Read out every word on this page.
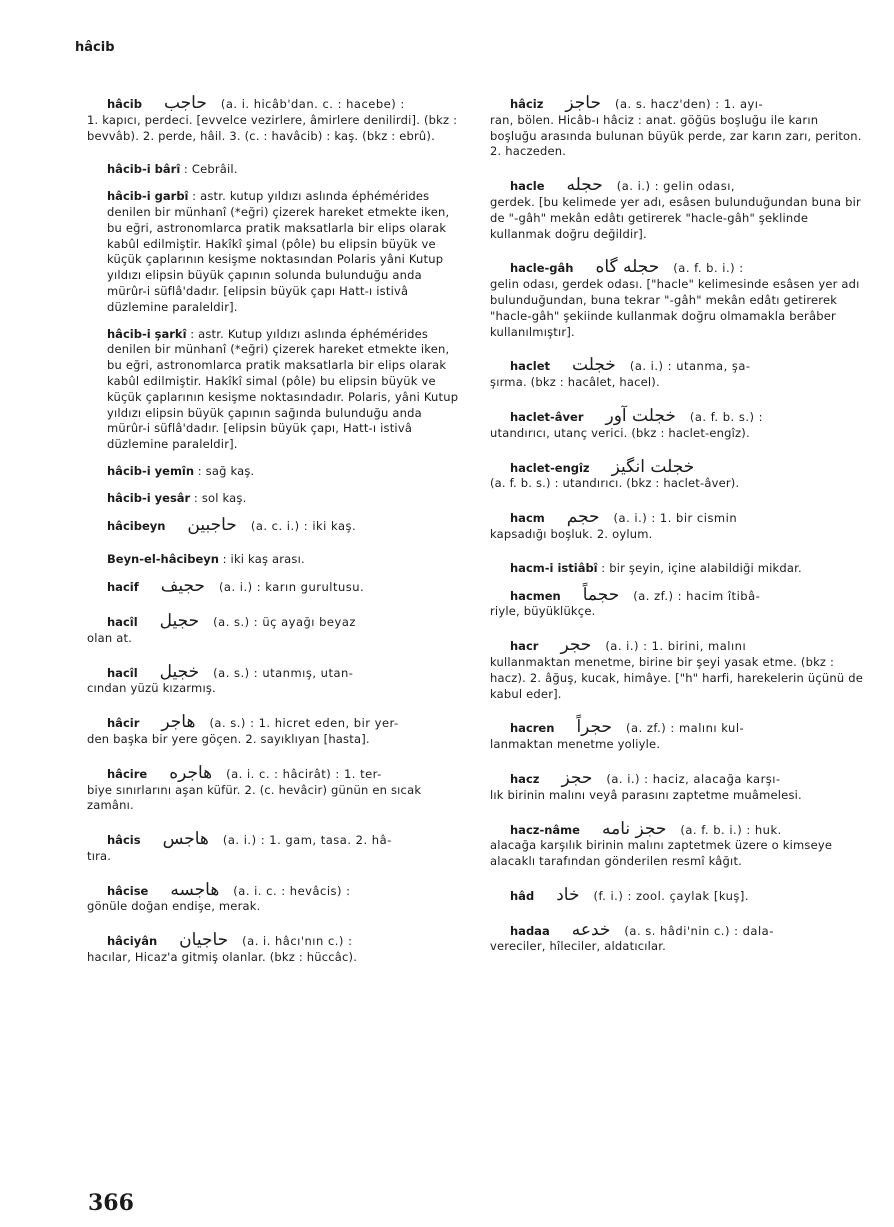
hâcib
hâcib حاجب (a. i. hicâb'dan. c. : hacebe) :
1. kapıcı, perdeci. [evvelce vezirlere, âmirlere denilirdi]. (bkz : bevvâb). 2. perde, hâil. 3. (c. : havâcib) : kaş. (bkz : ebrû).
hâcib-i bârî : Cebrâil.
hâcib-i garbî : astr. kutup yıldızı aslında éphémérides denilen bir münhanî (*eğri) çizerek hareket etmekte iken, bu eğri, astronomlarca pratik maksatlarla bir elips olarak kabûl edilmiştir. Hakîkî şimal (pôle) bu elipsin büyük ve küçük çaplarının kesişme noktasından Polaris yâni Kutup yıldızı elipsin büyük çapının solunda bulunduğu anda mürûr-i süflâ'dadır. [elipsin büyük çapı Hatt-ı istivâ düzlemine paraleldir].
hâcib-i şarkî : astr. Kutup yıldızı aslında éphémérides denilen bir münhanî (*eğri) çizerek hareket etmekte iken, bu eğri, astronomlarca pratik maksatlarla bir elips olarak kabûl edilmiştir. Hakîkî simal (pôle) bu elipsin büyük ve küçük çaplarının kesişme noktasındadır. Polaris, yâni Kutup yıldızı elipsin büyük çapının sağında bulunduğu anda mürûr-i süflâ'dadır. [elipsin büyük çapı, Hatt-ı istivâ düzlemine paraleldir].
hâcib-i yemîn : sağ kaş.
hâcib-i yesâr : sol kaş.
hâcibeyn حاجبين (a. c. i.) : iki kaş.
Beyn-el-hâcibeyn : iki kaş arası.
hacif حجيف (a. i.) : karın gurultusu.
hacîl حجيل (a. s.) : üç ayağı beyaz
olan at.
hacîl خجيل (a. s.) : utanmış, utan-
cından yüzü kızarmış.
hâcir هاجر (a. s.) : 1. hicret eden, bir yer-
den başka bir yere göçen. 2. sayıklıyan [hasta].
hâcire هاجره (a. i. c. : hâcirât) : 1. ter-
biye sınırlarını aşan küfür. 2. (c. hevâcir) günün en sıcak zamânı.
hâcis هاجس (a. i.) : 1. gam, tasa. 2. hâ-
tıra.
hâcise هاجسه (a. i. c. : hevâcis) :
gönüle doğan endişe, merak.
hâciyân حاجيان (a. i. hâcı'nın c.) :
hacılar, Hicaz'a gitmiş olanlar. (bkz : hüccâc).
hâciz حاجز (a. s. hacz'den) : 1. ayı-
ran, bölen. Hicâb-ı hâciz : anat. göğüs boşluğu ile karın boşluğu arasında bulunan büyük perde, zar karın zarı, periton. 2. haczeden.
hacle حجله (a. i.) : gelin odası,
gerdek. [bu kelimede yer adı, esâsen bulunduğundan buna bir de "-gâh" mekân edâtı getirerek "hacle-gâh" şeklinde kullanmak doğru değildir].
hacle-gâh حجله گاه (a. f. b. i.) :
gelin odası, gerdek odası. ["hacle" kelimesinde esâsen yer adı bulunduğundan, buna tekrar "-gâh" mekân edâtı getirerek "hacle-gâh" şekiinde kullanmak doğru olmamakla berâber kullanılmıştır].
haclet خجلت (a. i.) : utanma, şa-
şırma. (bkz : hacâlet, hacel).
haclet-âver خجلت آور (a. f. b. s.) :
utandırıcı, utanç verici. (bkz : haclet-engîz).
haclet-engîz خجلت انگيز
(a. f. b. s.) : utandırıcı. (bkz : haclet-âver).
hacm حجم (a. i.) : 1. bir cismin
kapsadığı boşluk. 2. oylum.
hacm-i istiâbî : bir şeyin, içine alabildiği mikdar.
hacmen حجماً (a. zf.) : hacim îtibâ-
riyle, büyüklükçe.
hacr حجر (a. i.) : 1. birini, malını
kullanmaktan menetme, birine bir şeyi yasak etme. (bkz : hacz). 2. âğuş, kucak, himâye. ["h" harfi, harekelerin üçünü de kabul eder].
hacren حجراً (a. zf.) : malını kul-
lanmaktan menetme yoliyle.
hacz حجز (a. i.) : haciz, alacağa karşı-
lık birinin malını veyâ parasını zaptetme muâmelesi.
hacz-nâme حجز نامه (a. f. b. i.) : huk.
alacağa karşılık birinin malını zaptetmek üzere o kimseye alacaklı tarafından gönderilen resmî kâğıt.
hâd خاد (f. i.) : zool. çaylak [kuş].
hadaa خدعه (a. s. hâdi'nin c.) : dala-
vereciler, hîleciler, aldatıcılar.
366
